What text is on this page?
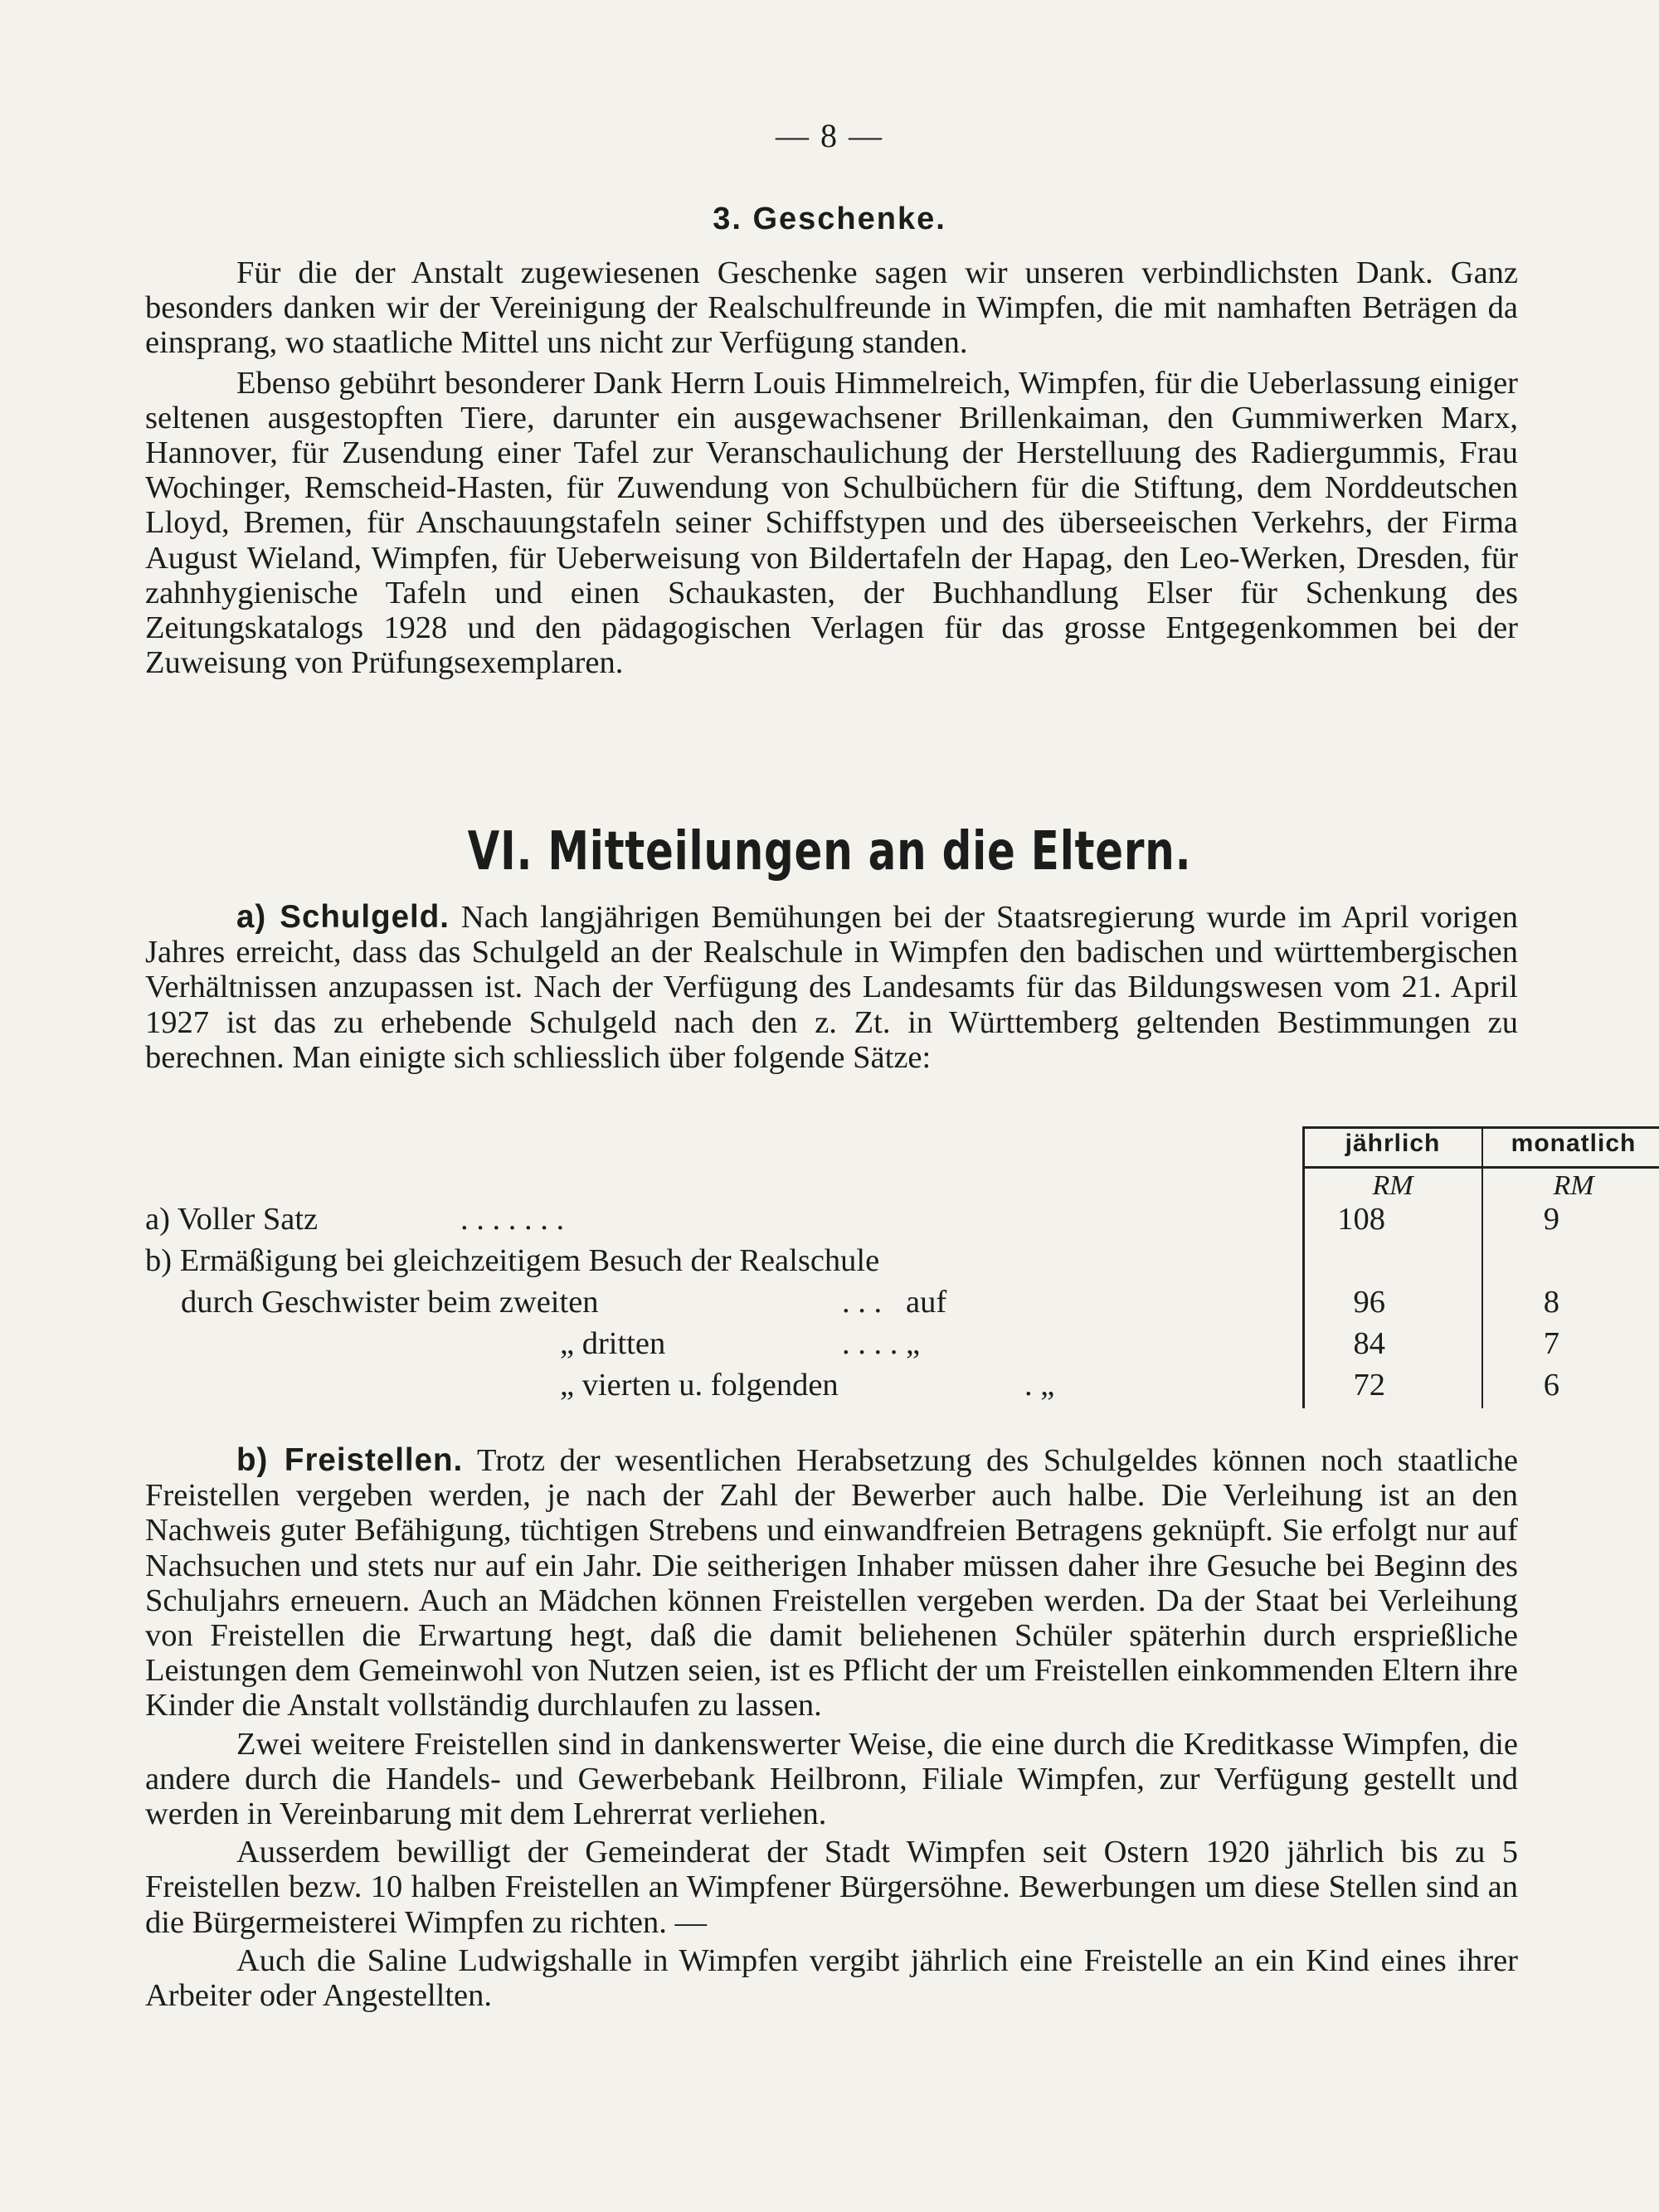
— 8 —
3. Geschenke.

Für die der Anstalt zugewiesenen Geschenke sagen wir unseren verbindlichsten Dank. Ganz besonders danken wir der Vereinigung der Realschulfreunde in Wimpfen, die mit namhaften Beträgen da einsprang, wo staatliche Mittel uns nicht zur Verfügung standen.

Ebenso gebührt besonderer Dank Herrn Louis Himmelreich, Wimpfen, für die Ueberlassung einiger seltenen ausgestopften Tiere, darunter ein ausgewachsener Brillenkaiman, den Gummiwerken Marx, Hannover, für Zusendung einer Tafel zur Veranschaulichung der Herstelluung des Radiergummis, Frau Wochinger, Remscheid-Hasten, für Zuwendung von Schulbüchern für die Stiftung, dem Norddeutschen Lloyd, Bremen, für Anschauungstafeln seiner Schiffstypen und des überseeischen Verkehrs, der Firma August Wieland, Wimpfen, für Ueberweisung von Bildertafeln der Hapag, den Leo-Werken, Dresden, für zahnhygienische Tafeln und einen Schaukasten, der Buchhandlung Elser für Schenkung des Zeitungskatalogs 1928 und den pädagogischen Verlagen für das grosse Entgegenkommen bei der Zuweisung von Prüfungsexemplaren.

VI. Mitteilungen an die Eltern.

a) Schulgeld. Nach langjährigen Bemühungen bei der Staatsregierung wurde im April vorigen Jahres erreicht, dass das Schulgeld an der Realschule in Wimpfen den badischen und württembergischen Verhältnissen anzupassen ist. Nach der Verfügung des Landesamts für das Bildungswesen vom 21. April 1927 ist das zu erhebende Schulgeld nach den z. Zt. in Württemberg geltenden Bestimmungen zu berechnen. Man einigte sich schliesslich über folgende Sätze:

jährlich	monatlich
RM	RM
a) Voller Satz	. . . . . . .	108	9
b) Ermäßigung bei gleichzeitigem Besuch der Realschule
durch Geschwister beim zweiten	. . .   auf	96	8
„ dritten	. . . . „	84	7
„ vierten u. folgenden	. „	72	6

b) Freistellen. Trotz der wesentlichen Herabsetzung des Schulgeldes können noch staatliche Freistellen vergeben werden, je nach der Zahl der Bewerber auch halbe. Die Verleihung ist an den Nachweis guter Befähigung, tüchtigen Strebens und einwandfreien Betragens geknüpft. Sie erfolgt nur auf Nachsuchen und stets nur auf ein Jahr. Die seitherigen Inhaber müssen daher ihre Gesuche bei Beginn des Schuljahrs erneuern. Auch an Mädchen können Freistellen vergeben werden. Da der Staat bei Verleihung von Freistellen die Erwartung hegt, daß die damit beliehenen Schüler späterhin durch ersprießliche Leistungen dem Gemeinwohl von Nutzen seien, ist es Pflicht der um Freistellen einkommenden Eltern ihre Kinder die Anstalt vollständig durchlaufen zu lassen.

Zwei weitere Freistellen sind in dankenswerter Weise, die eine durch die Kreditkasse Wimpfen, die andere durch die Handels- und Gewerbebank Heilbronn, Filiale Wimpfen, zur Verfügung gestellt und werden in Vereinbarung mit dem Lehrerrat verliehen.

Ausserdem bewilligt der Gemeinderat der Stadt Wimpfen seit Ostern 1920 jährlich bis zu 5 Freistellen bezw. 10 halben Freistellen an Wimpfener Bürgersöhne. Bewerbungen um diese Stellen sind an die Bürgermeisterei Wimpfen zu richten. —

Auch die Saline Ludwigshalle in Wimpfen vergibt jährlich eine Freistelle an ein Kind eines ihrer Arbeiter oder Angestellten.
